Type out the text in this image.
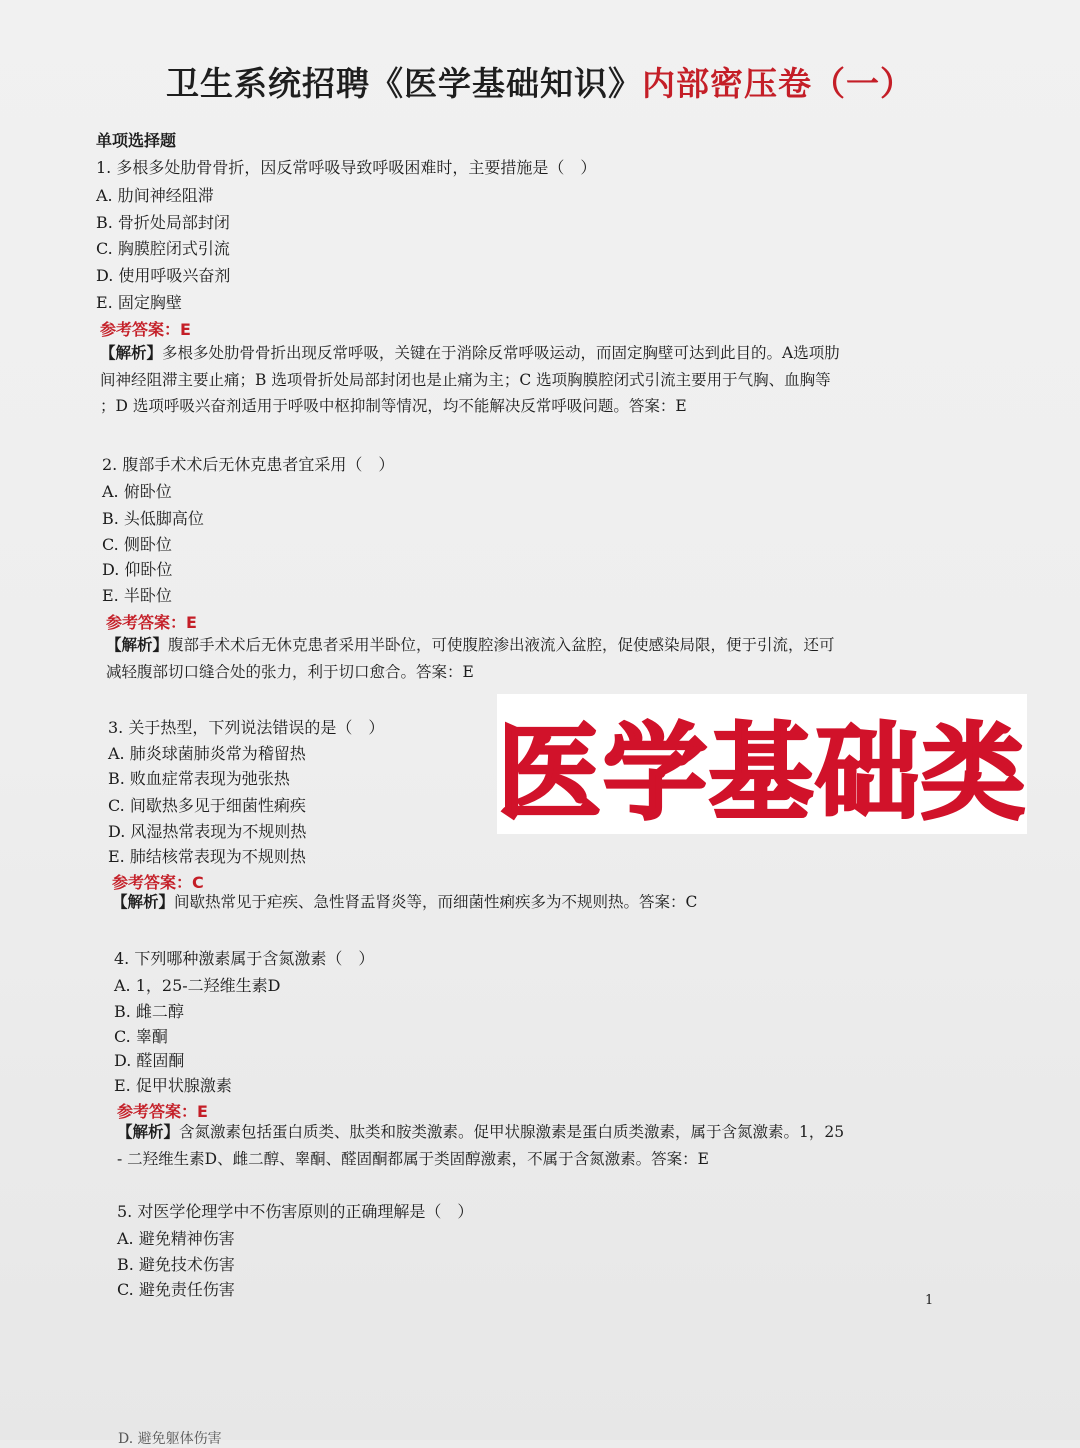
卫生系统招聘《医学基础知识》内部密压卷（一）
单项选择题
1. 多根多处肋骨骨折，因反常呼吸导致呼吸困难时，主要措施是（　）
A. 肋间神经阻滞
B. 骨折处局部封闭
C. 胸膜腔闭式引流
D. 使用呼吸兴奋剂
E. 固定胸壁
参考答案：E
【解析】多根多处肋骨骨折出现反常呼吸，关键在于消除反常呼吸运动，而固定胸壁可达到此目的。A选项肋
间神经阻滞主要止痛；B 选项骨折处局部封闭也是止痛为主；C 选项胸膜腔闭式引流主要用于气胸、血胸等
；D 选项呼吸兴奋剂适用于呼吸中枢抑制等情况，均不能解决反常呼吸问题。答案：E
2. 腹部手术术后无休克患者宜采用（　）
A. 俯卧位
B. 头低脚高位
C. 侧卧位
D. 仰卧位
E. 半卧位
参考答案：E
【解析】腹部手术术后无休克患者采用半卧位，可使腹腔渗出液流入盆腔，促使感染局限，便于引流，还可
减轻腹部切口缝合处的张力，利于切口愈合。答案：E
3. 关于热型，下列说法错误的是（　）
A. 肺炎球菌肺炎常为稽留热
B. 败血症常表现为弛张热
C. 间歇热多见于细菌性痢疾
D. 风湿热常表现为不规则热
E. 肺结核常表现为不规则热
参考答案：C
【解析】间歇热常见于疟疾、急性肾盂肾炎等，而细菌性痢疾多为不规则热。答案：C
4. 下列哪种激素属于含氮激素（　）
A. 1，25-二羟维生素D
B. 雌二醇
C. 睾酮
D. 醛固酮
E. 促甲状腺激素
参考答案：E
【解析】含氮激素包括蛋白质类、肽类和胺类激素。促甲状腺激素是蛋白质类激素，属于含氮激素。1，25
- 二羟维生素D、雌二醇、睾酮、醛固酮都属于类固醇激素，不属于含氮激素。答案：E
5. 对医学伦理学中不伤害原则的正确理解是（　）
A. 避免精神伤害
B. 避免技术伤害
C. 避免责任伤害
1
D. 避免躯体伤害
医学基础类
